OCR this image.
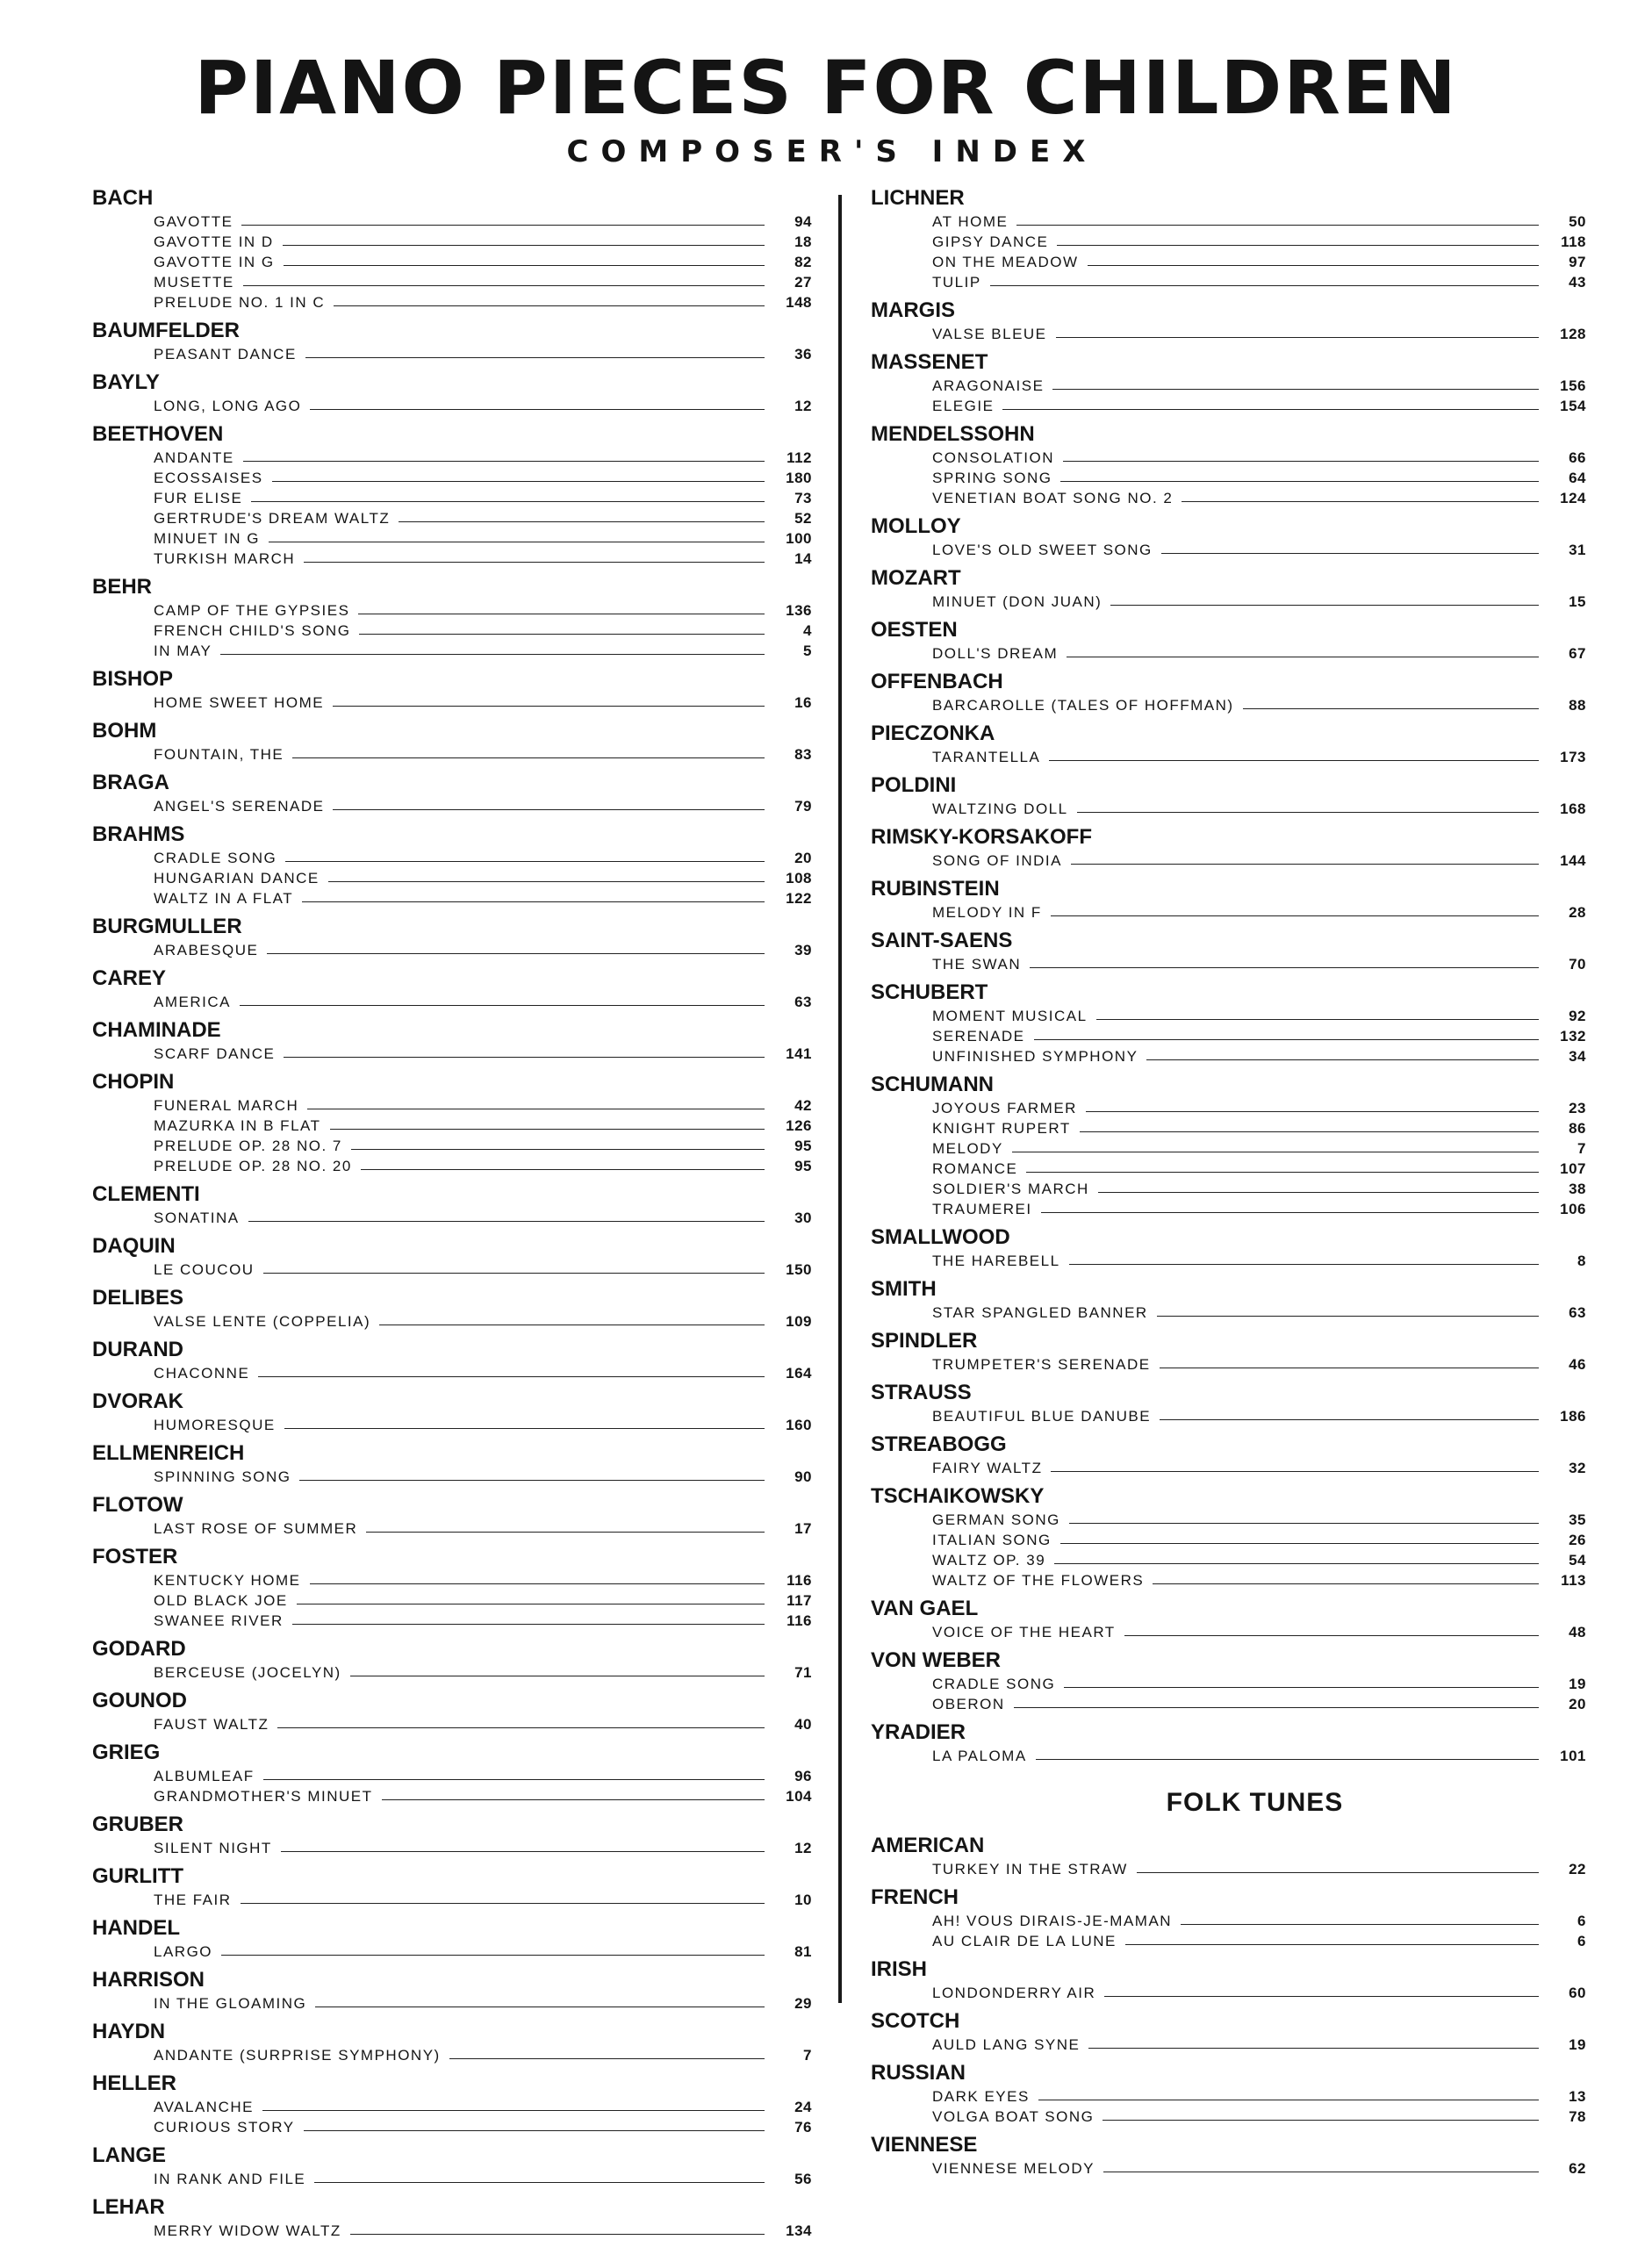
PIANO PIECES FOR CHILDREN
COMPOSER'S INDEX
BACH
GAVOTTE	94
GAVOTTE IN D	18
GAVOTTE IN G	82
MUSETTE	27
PRELUDE NO. 1 IN C	148
BAUMFELDER
PEASANT DANCE	36
BAYLY
LONG, LONG AGO	12
BEETHOVEN
ANDANTE	112
ECOSSAISES	180
FUR ELISE	73
GERTRUDE'S DREAM WALTZ	52
MINUET IN G	100
TURKISH MARCH	14
BEHR
CAMP OF THE GYPSIES	136
FRENCH CHILD'S SONG	4
IN MAY	5
BISHOP
HOME SWEET HOME	16
BOHM
FOUNTAIN, THE	83
BRAGA
ANGEL'S SERENADE	79
BRAHMS
CRADLE SONG	20
HUNGARIAN DANCE	108
WALTZ IN A FLAT	122
BURGMULLER
ARABESQUE	39
CAREY
AMERICA	63
CHAMINADE
SCARF DANCE	141
CHOPIN
FUNERAL MARCH	42
MAZURKA IN B FLAT	126
PRELUDE OP. 28 NO. 7	95
PRELUDE OP. 28 NO. 20	95
CLEMENTI
SONATINA	30
DAQUIN
LE COUCOU	150
DELIBES
VALSE LENTE (COPPELIA)	109
DURAND
CHACONNE	164
DVORAK
HUMORESQUE	160
ELLMENREICH
SPINNING SONG	90
FLOTOW
LAST ROSE OF SUMMER	17
FOSTER
KENTUCKY HOME	116
OLD BLACK JOE	117
SWANEE RIVER	116
GODARD
BERCEUSE (JOCELYN)	71
GOUNOD
FAUST WALTZ	40
GRIEG
ALBUMLEAF	96
GRANDMOTHER'S MINUET	104
GRUBER
SILENT NIGHT	12
GURLITT
THE FAIR	10
HANDEL
LARGO	81
HARRISON
IN THE GLOAMING	29
HAYDN
ANDANTE (SURPRISE SYMPHONY)	7
HELLER
AVALANCHE	24
CURIOUS STORY	76
LANGE
IN RANK AND FILE	56
LEHAR
MERRY WIDOW WALTZ	134
LICHNER
AT HOME	50
GIPSY DANCE	118
ON THE MEADOW	97
TULIP	43
MARGIS
VALSE BLEUE	128
MASSENET
ARAGONAISE	156
ELEGIE	154
MENDELSSOHN
CONSOLATION	66
SPRING SONG	64
VENETIAN BOAT SONG NO. 2	124
MOLLOY
LOVE'S OLD SWEET SONG	31
MOZART
MINUET (DON JUAN)	15
OESTEN
DOLL'S DREAM	67
OFFENBACH
BARCAROLLE (TALES OF HOFFMAN)	88
PIECZONKA
TARANTELLA	173
POLDINI
WALTZING DOLL	168
RIMSKY-KORSAKOFF
SONG OF INDIA	144
RUBINSTEIN
MELODY IN F	28
SAINT-SAENS
THE SWAN	70
SCHUBERT
MOMENT MUSICAL	92
SERENADE	132
UNFINISHED SYMPHONY	34
SCHUMANN
JOYOUS FARMER	23
KNIGHT RUPERT	86
MELODY	7
ROMANCE	107
SOLDIER'S MARCH	38
TRAUMEREI	106
SMALLWOOD
THE HAREBELL	8
SMITH
STAR SPANGLED BANNER	63
SPINDLER
TRUMPETER'S SERENADE	46
STRAUSS
BEAUTIFUL BLUE DANUBE	186
STREABOGG
FAIRY WALTZ	32
TSCHAIKOWSKY
GERMAN SONG	35
ITALIAN SONG	26
WALTZ OP. 39	54
WALTZ OF THE FLOWERS	113
VAN GAEL
VOICE OF THE HEART	48
VON WEBER
CRADLE SONG	19
OBERON	20
YRADIER
LA PALOMA	101
FOLK TUNES
AMERICAN
TURKEY IN THE STRAW	22
FRENCH
AH! VOUS DIRAIS-JE-MAMAN	6
AU CLAIR DE LA LUNE	6
IRISH
LONDONDERRY AIR	60
SCOTCH
AULD LANG SYNE	19
RUSSIAN
DARK EYES	13
VOLGA BOAT SONG	78
VIENNESE
VIENNESE MELODY	62
